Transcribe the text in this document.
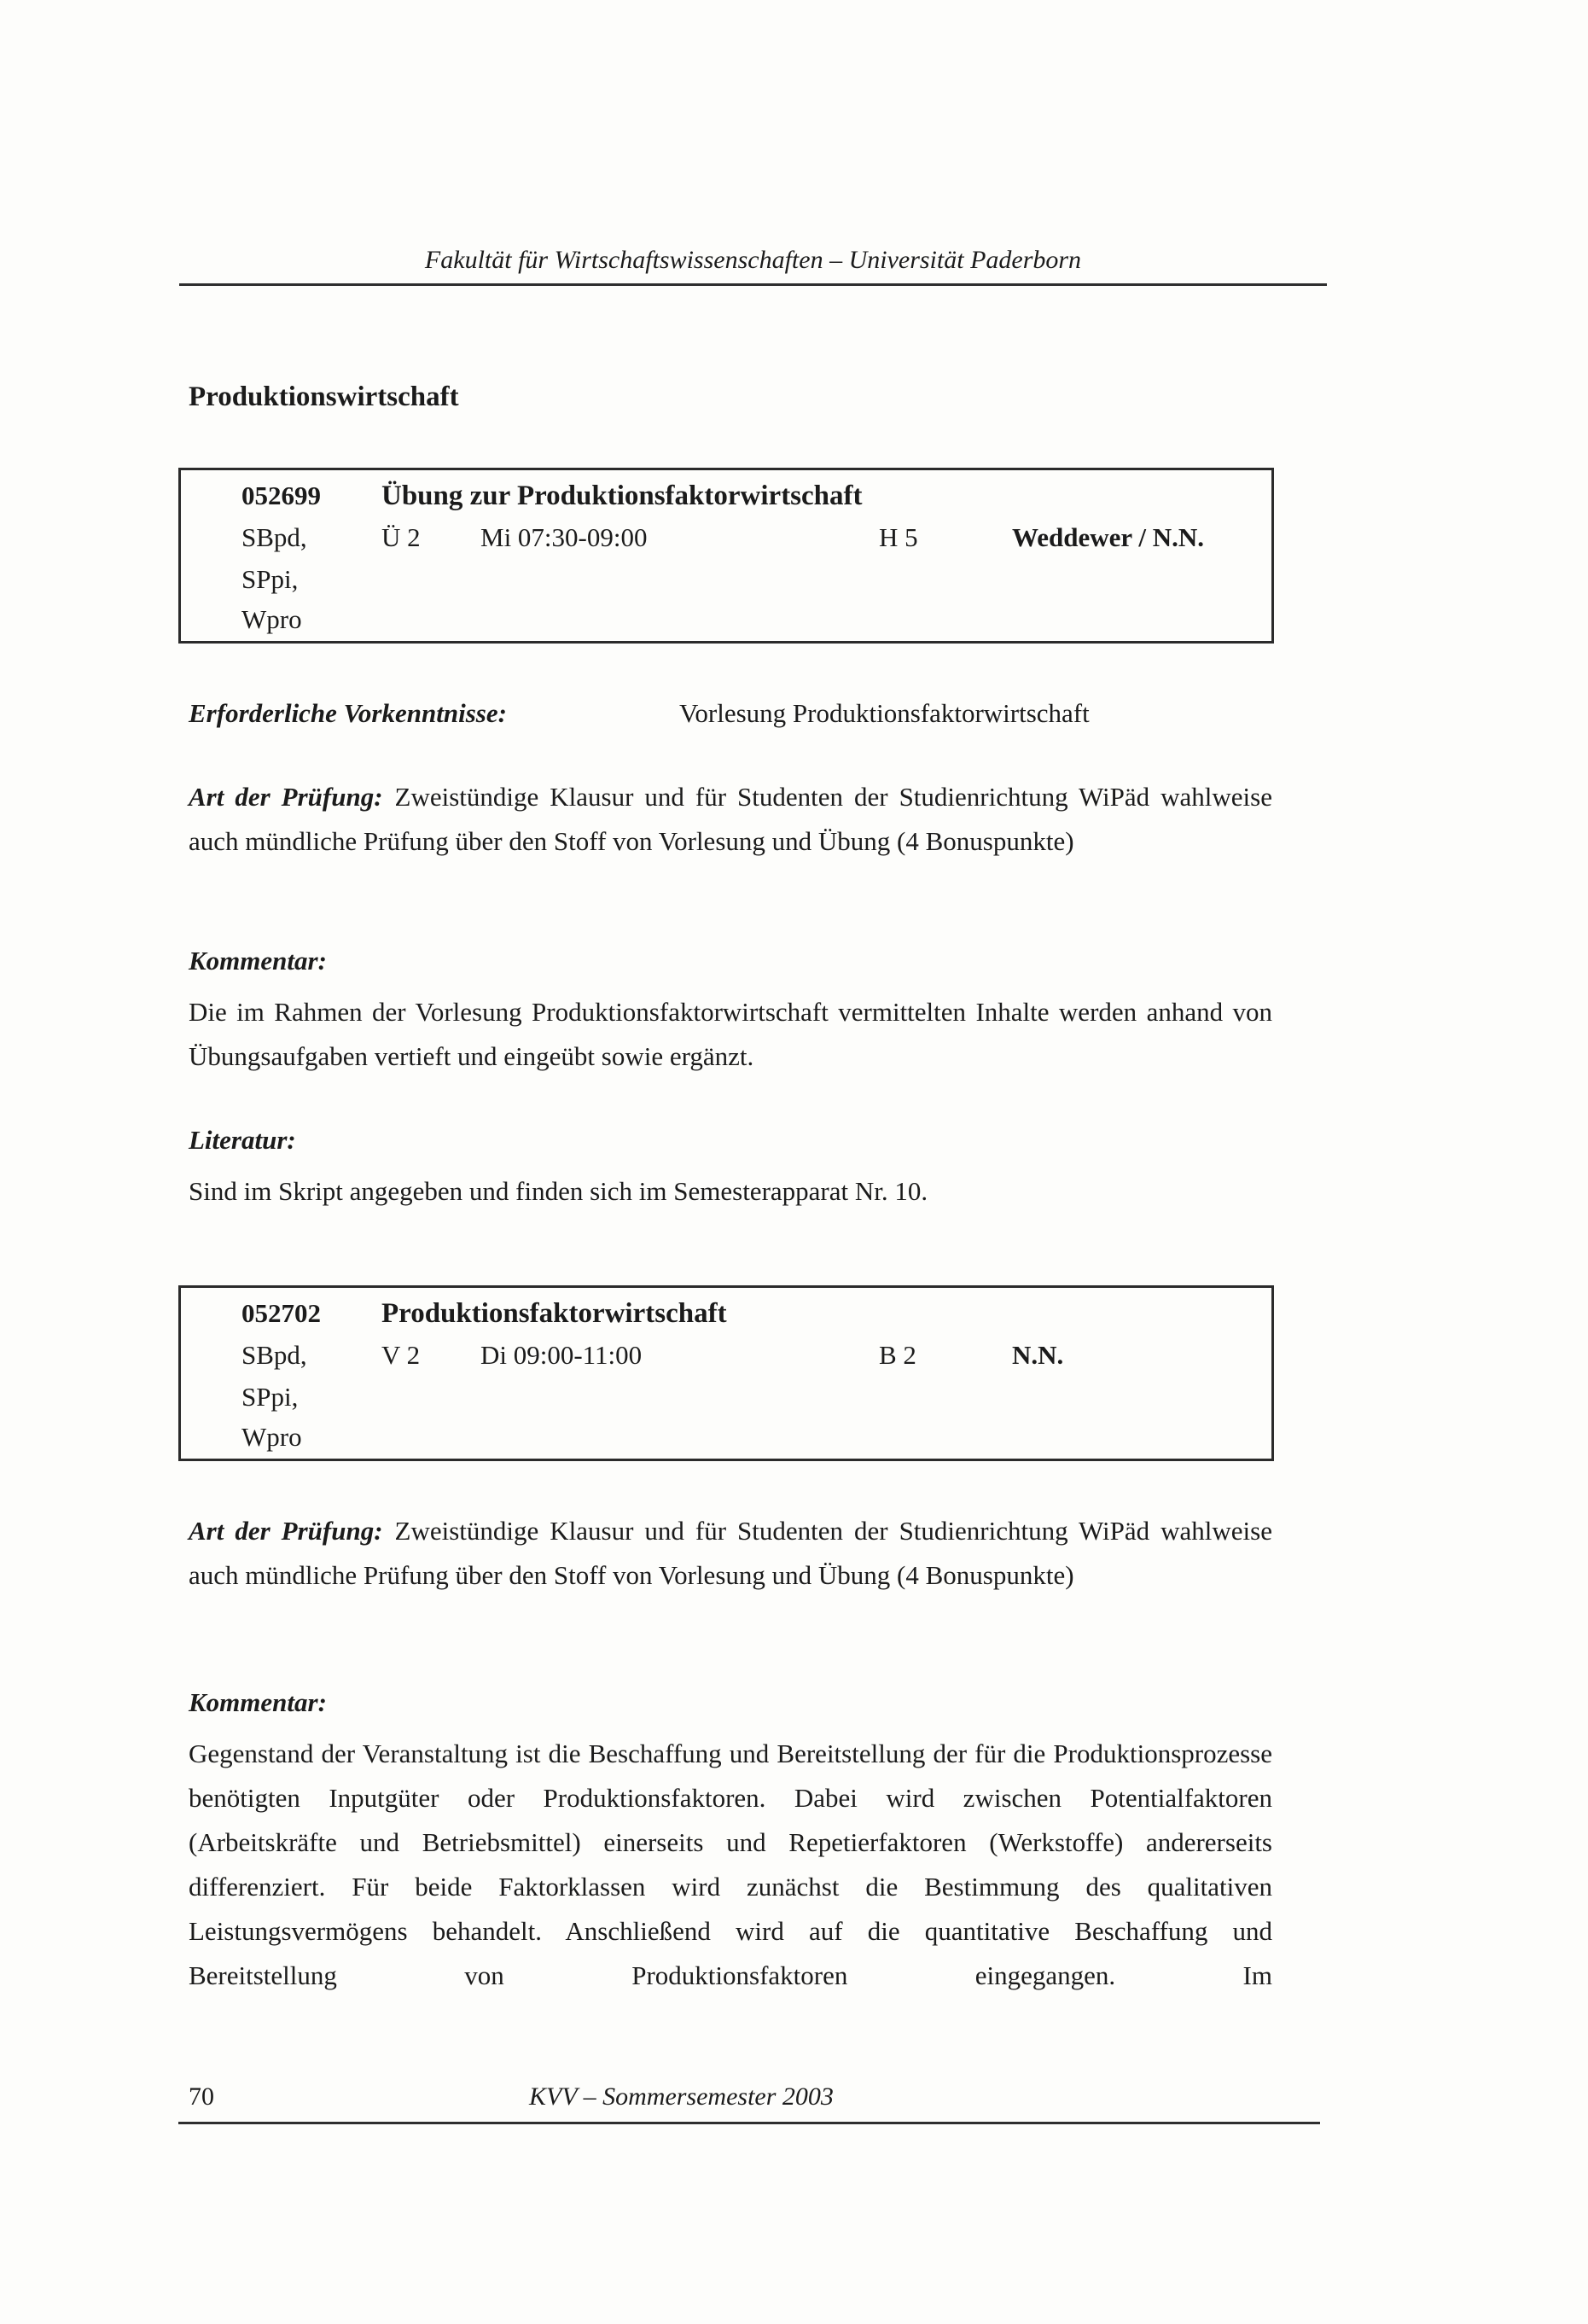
Fakultät für Wirtschaftswissenschaften – Universität Paderborn
Produktionswirtschaft
052699 Übung zur Produktionsfaktorwirtschaft
SBpd,	Ü 2 Mi 07:30-09:00	H 5	Weddewer / N.N.
SPpi,
Wpro
Erforderliche Vorkenntnisse:	Vorlesung Produktionsfaktorwirtschaft
Art der Prüfung: Zweistündige Klausur und für Studenten der Studienrichtung WiPäd wahlweise auch mündliche Prüfung über den Stoff von Vorlesung und Übung (4 Bonuspunkte)
Kommentar:
Die im Rahmen der Vorlesung Produktionsfaktorwirtschaft vermittelten Inhalte werden anhand von Übungsaufgaben vertieft und eingeübt sowie ergänzt.
Literatur:
Sind im Skript angegeben und finden sich im Semesterapparat Nr. 10.
052702 Produktionsfaktorwirtschaft
SBpd,	V 2 Di 09:00-11:00	B 2	N.N.
SPpi,
Wpro
Art der Prüfung: Zweistündige Klausur und für Studenten der Studienrichtung WiPäd wahlweise auch mündliche Prüfung über den Stoff von Vorlesung und Übung (4 Bonuspunkte)
Kommentar:
Gegenstand der Veranstaltung ist die Beschaffung und Bereitstellung der für die Produktionsprozesse benötigten Inputgüter oder Produktionsfaktoren. Dabei wird zwischen Potentialfaktoren (Arbeitskräfte und Betriebsmittel) einerseits und Repetierfaktoren (Werkstoffe) andererseits differenziert. Für beide Faktorklassen wird zunächst die Bestimmung des qualitativen Leistungsvermögens behandelt. Anschließend wird auf die quantitative Beschaffung und Bereitstellung von Produktionsfaktoren eingegangen. Im
70	KVV – Sommersemester 2003
